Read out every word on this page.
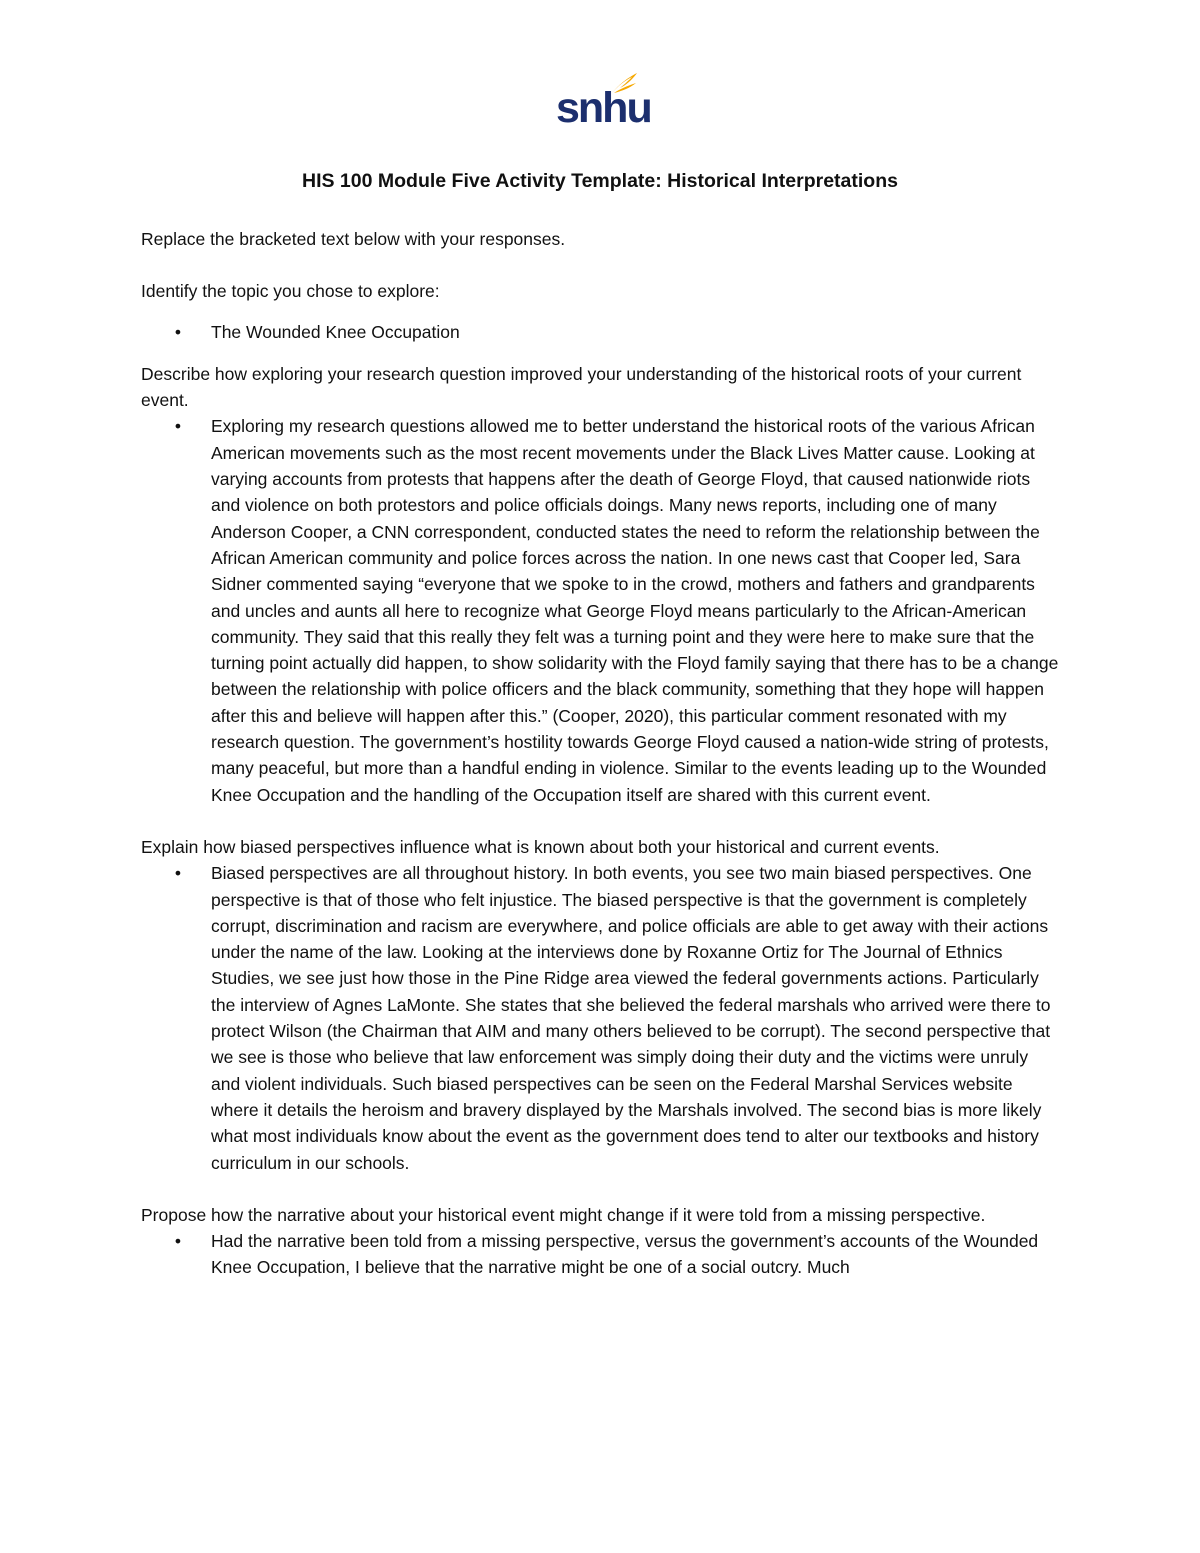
snhu
HIS 100 Module Five Activity Template: Historical Interpretations

Replace the bracketed text below with your responses.

Identify the topic you chose to explore:

• The Wounded Knee Occupation

Describe how exploring your research question improved your understanding of the historical roots of your current event.

• Exploring my research questions allowed me to better understand the historical roots of the various African American movements such as the most recent movements under the Black Lives Matter cause. Looking at varying accounts from protests that happens after the death of George Floyd, that caused nationwide riots and violence on both protestors and police officials doings. Many news reports, including one of many Anderson Cooper, a CNN correspondent, conducted states the need to reform the relationship between the African American community and police forces across the nation. In one news cast that Cooper led, Sara Sidner commented saying “everyone that we spoke to in the crowd, mothers and fathers and grandparents and uncles and aunts all here to recognize what George Floyd means particularly to the African-American community. They said that this really they felt was a turning point and they were here to make sure that the turning point actually did happen, to show solidarity with the Floyd family saying that there has to be a change between the relationship with police officers and the black community, something that they hope will happen after this and believe will happen after this.” (Cooper, 2020), this particular comment resonated with my research question. The government’s hostility towards George Floyd caused a nation-wide string of protests, many peaceful, but more than a handful ending in violence. Similar to the events leading up to the Wounded Knee Occupation and the handling of the Occupation itself are shared with this current event.

Explain how biased perspectives influence what is known about both your historical and current events.

• Biased perspectives are all throughout history. In both events, you see two main biased perspectives. One perspective is that of those who felt injustice. The biased perspective is that the government is completely corrupt, discrimination and racism are everywhere, and police officials are able to get away with their actions under the name of the law. Looking at the interviews done by Roxanne Ortiz for The Journal of Ethnics Studies, we see just how those in the Pine Ridge area viewed the federal governments actions. Particularly the interview of Agnes LaMonte. She states that she believed the federal marshals who arrived were there to protect Wilson (the Chairman that AIM and many others believed to be corrupt). The second perspective that we see is those who believe that law enforcement was simply doing their duty and the victims were unruly and violent individuals. Such biased perspectives can be seen on the Federal Marshal Services website where it details the heroism and bravery displayed by the Marshals involved. The second bias is more likely what most individuals know about the event as the government does tend to alter our textbooks and history curriculum in our schools.

Propose how the narrative about your historical event might change if it were told from a missing perspective.

• Had the narrative been told from a missing perspective, versus the government’s accounts of the Wounded Knee Occupation, I believe that the narrative might be one of a social outcry. Much
